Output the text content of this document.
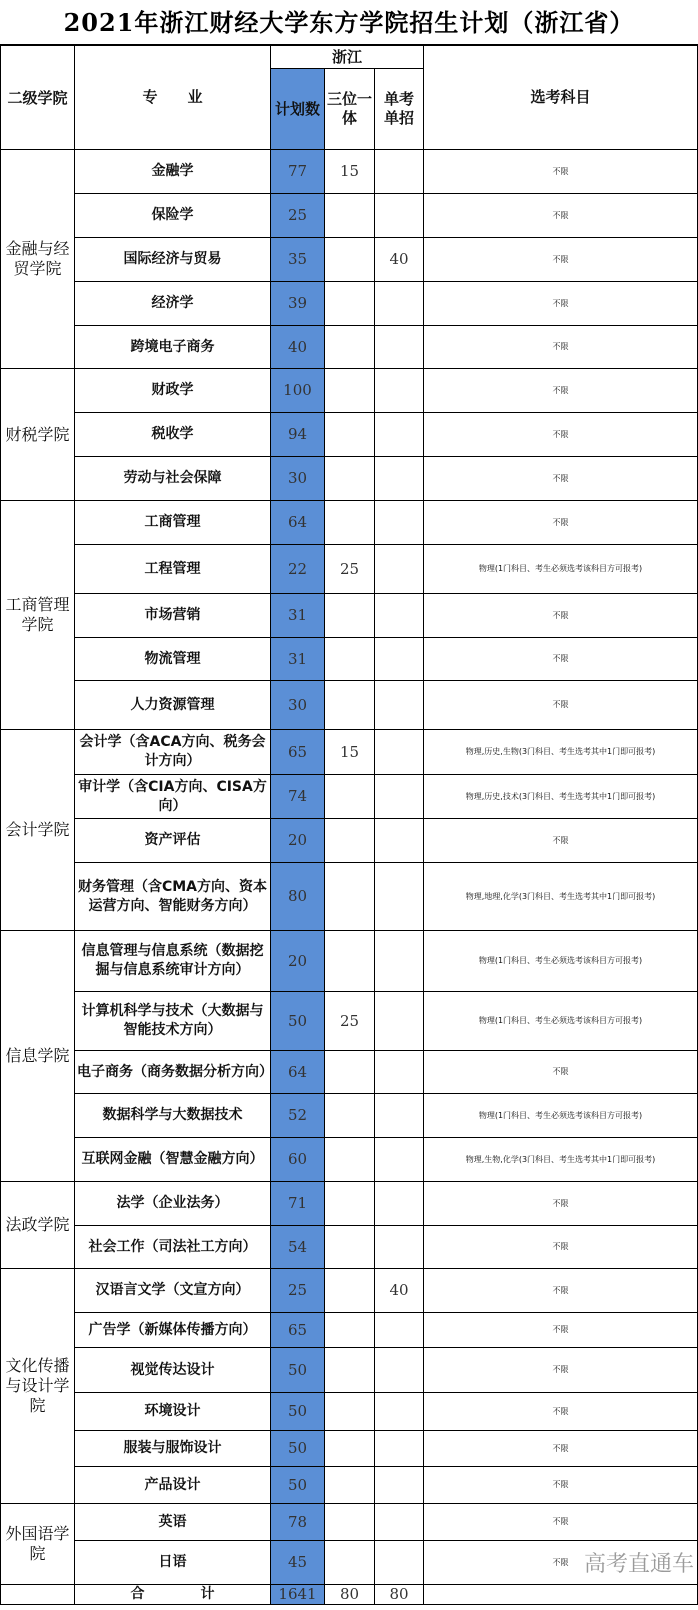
2021年浙江财经大学东方学院招生计划（浙江省）
二级学院	专　　业	浙江			选考科目
		计划数	三位一体	单考单招	
金融与经贸学院	金融学	77	15		不限
	保险学	25			不限
	国际经济与贸易	35		40	不限
	经济学	39			不限
	跨境电子商务	40			不限
财税学院	财政学	100			不限
	税收学	94			不限
	劳动与社会保障	30			不限
工商管理学院	工商管理	64			不限
	工程管理	22	25		物理(1门科目、考生必须选考该科目方可报考)
	市场营销	31			不限
	物流管理	31			不限
	人力资源管理	30			不限
会计学院	会计学（含ACA方向、税务会计方向）	65	15		物理,历史,生物(3门科目、考生选考其中1门即可报考)
	审计学（含CIA方向、CISA方向）	74			物理,历史,技术(3门科目、考生选考其中1门即可报考)
	资产评估	20			不限
	财务管理（含CMA方向、资本运营方向、智能财务方向）	80			物理,地理,化学(3门科目、考生选考其中1门即可报考)
信息学院	信息管理与信息系统（数据挖掘与信息系统审计方向）	20			物理(1门科目、考生必须选考该科目方可报考)
	计算机科学与技术（大数据与智能技术方向）	50	25		物理(1门科目、考生必须选考该科目方可报考)
	电子商务（商务数据分析方向）	64			不限
	数据科学与大数据技术	52			物理(1门科目、考生必须选考该科目方可报考)
	互联网金融（智慧金融方向）	60			物理,生物,化学(3门科目、考生选考其中1门即可报考)
法政学院	法学（企业法务）	71			不限
	社会工作（司法社工方向）	54			不限
文化传播与设计学院	汉语言文学（文宣方向）	25		40	不限
	广告学（新媒体传播方向）	65			不限
	视觉传达设计	50			不限
	环境设计	50			不限
	服装与服饰设计	50			不限
	产品设计	50			不限
外国语学院	英语	78			不限
	日语	45			不限
	合　　　　计	1641	80	80	
高考直通车
